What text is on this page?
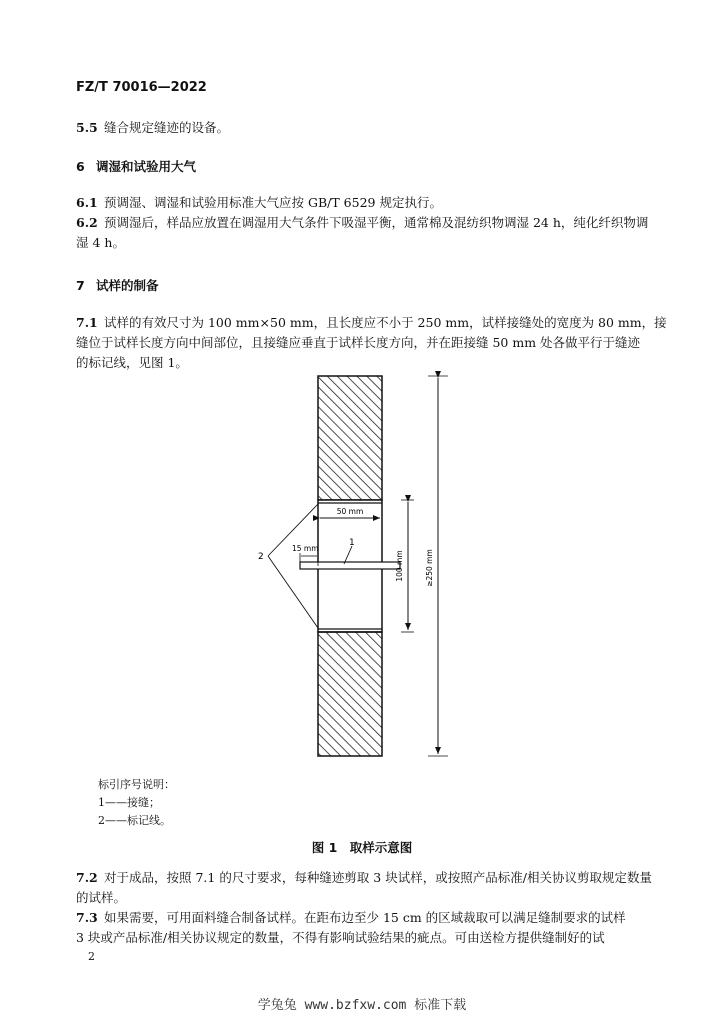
FZ/T 70016—2022
5.5 缝合规定缝迹的设备。
6 调湿和试验用大气
6.1 预调湿、调湿和试验用标准大气应按 GB/T 6529 规定执行。
6.2 预调湿后，样品应放置在调湿用大气条件下吸湿平衡，通常棉及混纺织物调湿 24 h，纯化纤织物调
湿 4 h。
7 试样的制备
7.1 试样的有效尺寸为 100 mm×50 mm，且长度应不小于 250 mm，试样接缝处的宽度为 80 mm，接
缝位于试样长度方向中间部位，且接缝应垂直于试样长度方向，并在距接缝 50 mm 处各做平行于缝迹
的标记线，见图 1。
50 mm
15 mm
1
2	100 mm	≥250 mm
标引序号说明：
1——接缝；
2——标记线。
图 1　取样示意图
7.2 对于成品，按照 7.1 的尺寸要求，每种缝迹剪取 3 块试样，或按照产品标准/相关协议剪取规定数量
的试样。
7.3 如果需要，可用面料缝合制备试样。在距布边至少 15 cm 的区域裁取可以满足缝制要求的试样
3 块或产品标准/相关协议规定的数量，不得有影响试验结果的疵点。可由送检方提供缝制好的试
2
学兔兔 www.bzfxw.com 标准下载
